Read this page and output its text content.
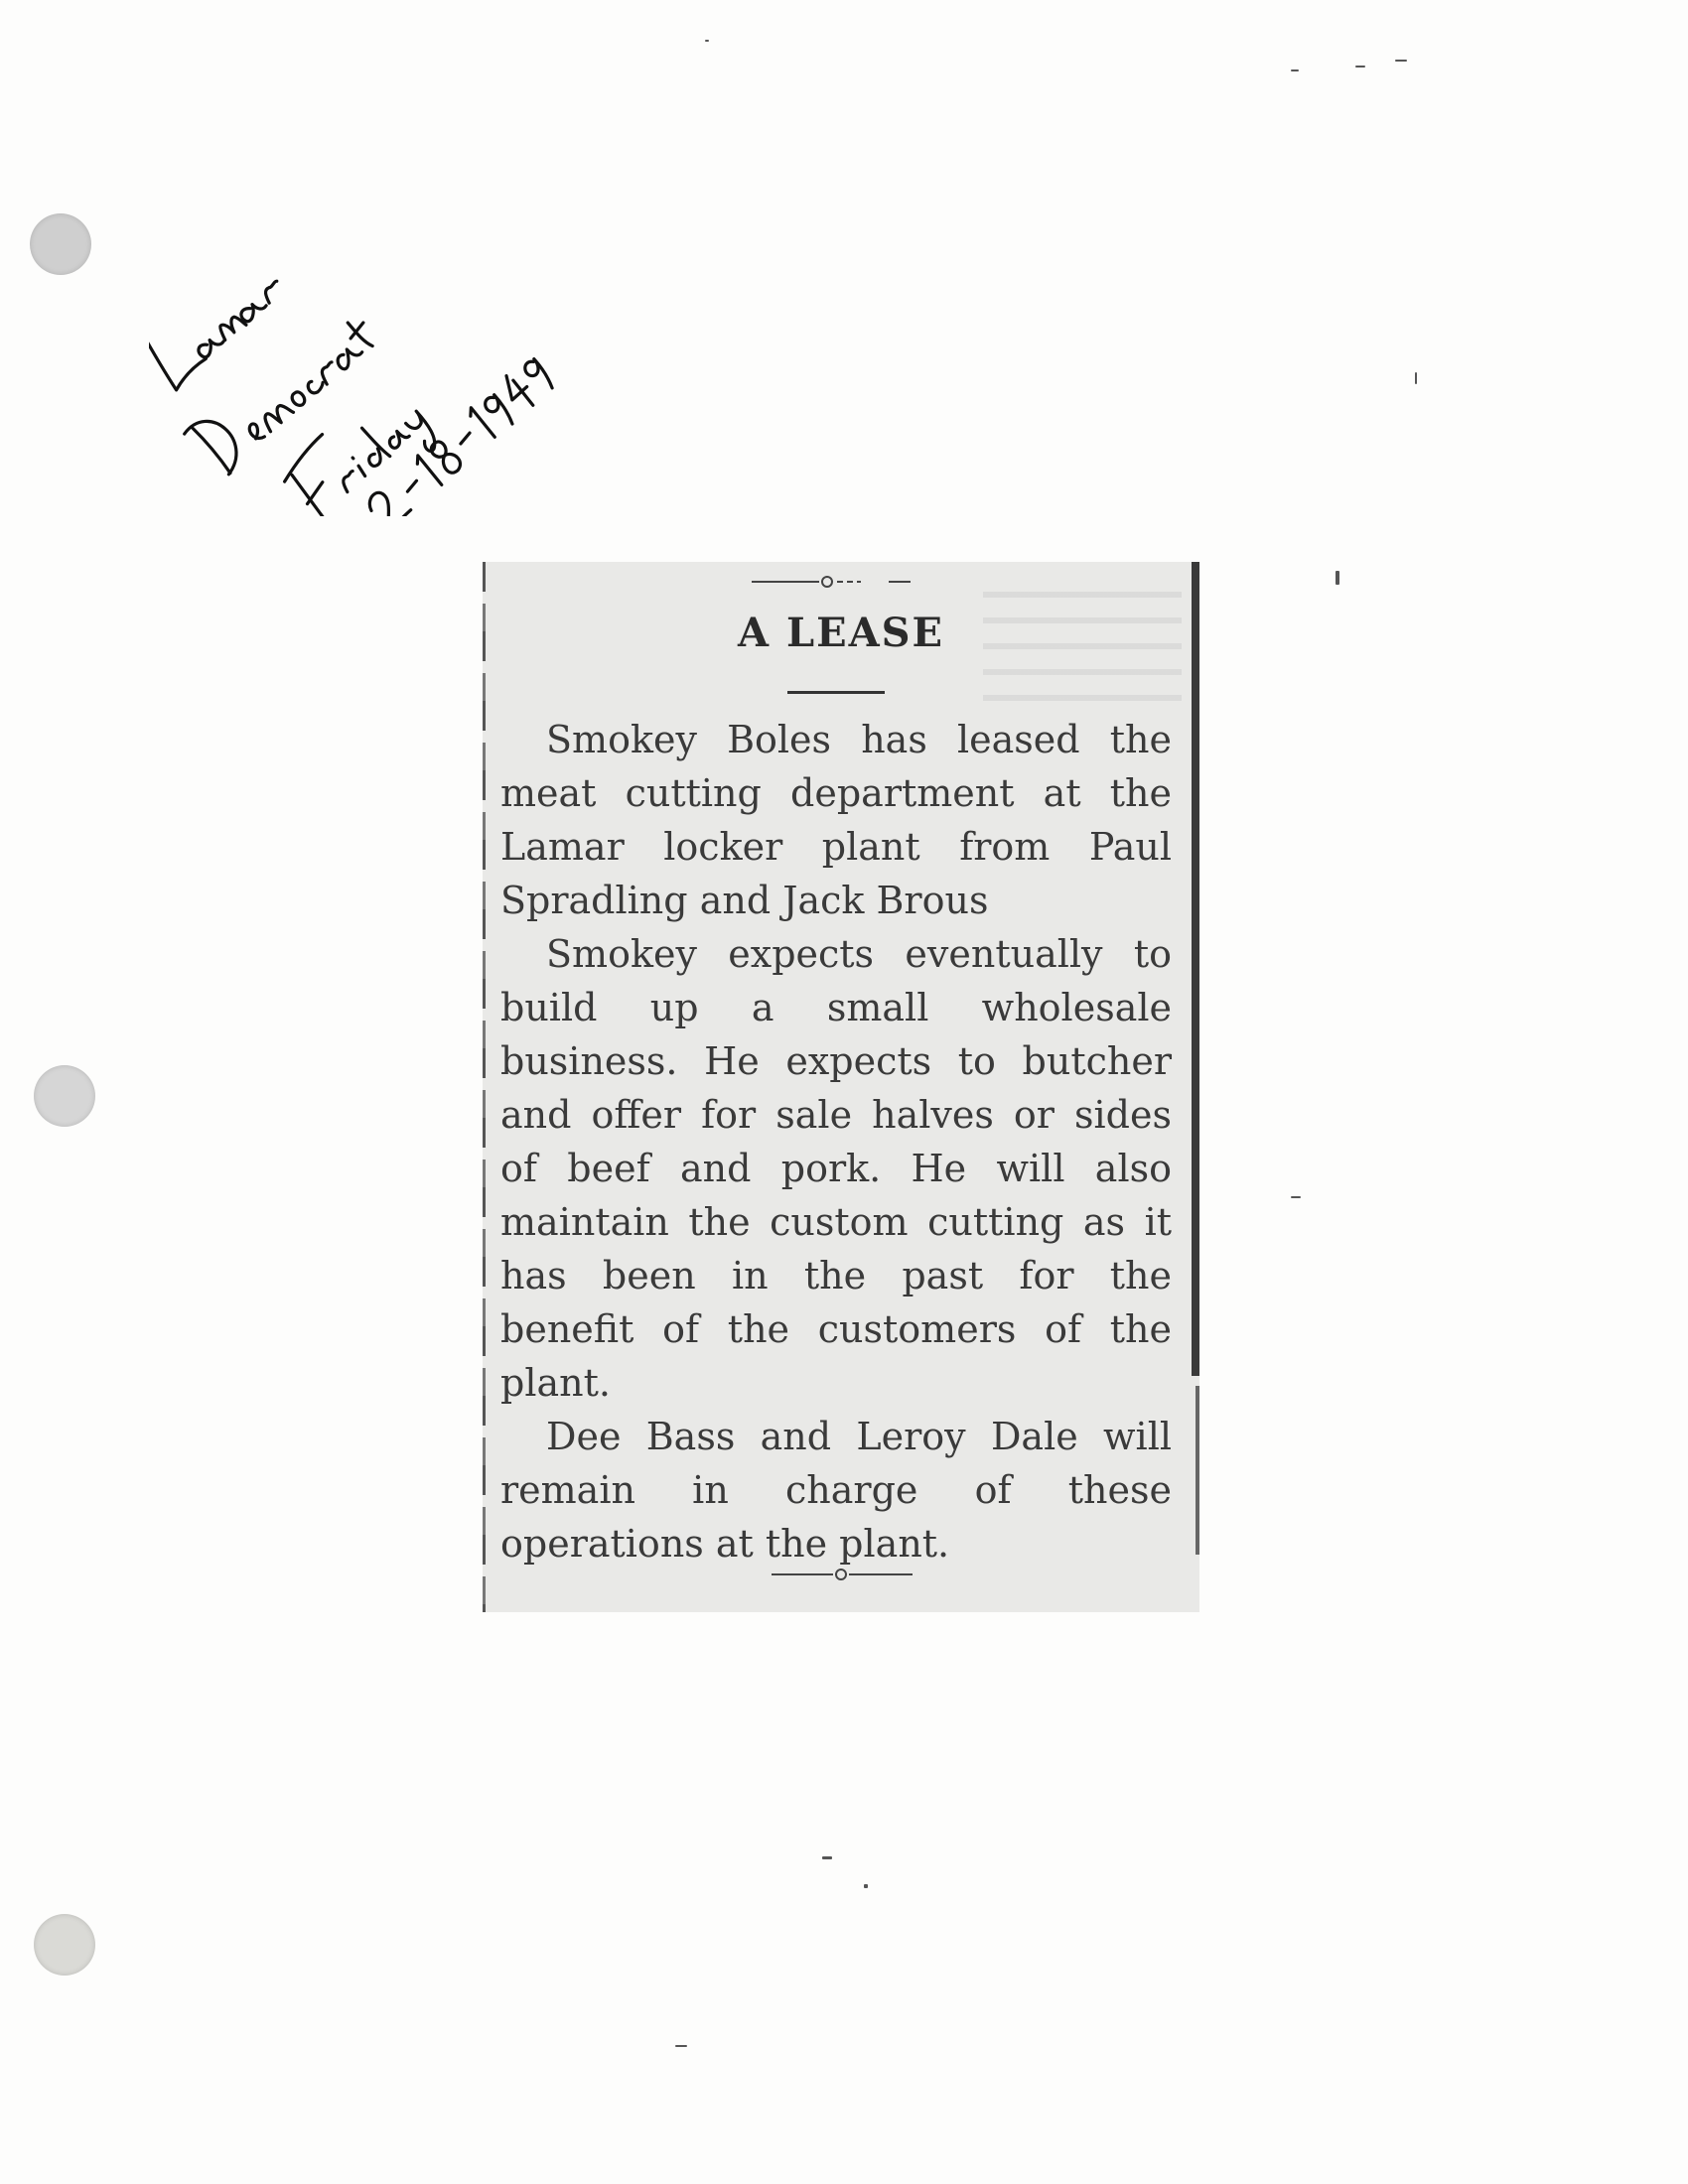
A LEASE

Smokey Boles has leased the meat cutting department at the Lamar locker plant from Paul Spradling and Jack Brous

Smokey expects eventually to build up a small wholesale business. He expects to butcher and offer for sale halves or sides of beef and pork. He will also maintain the custom cutting as it has been in the past for the benefit of the customers of the plant.

Dee Bass and Leroy Dale will remain in charge of these operations at the plant.
